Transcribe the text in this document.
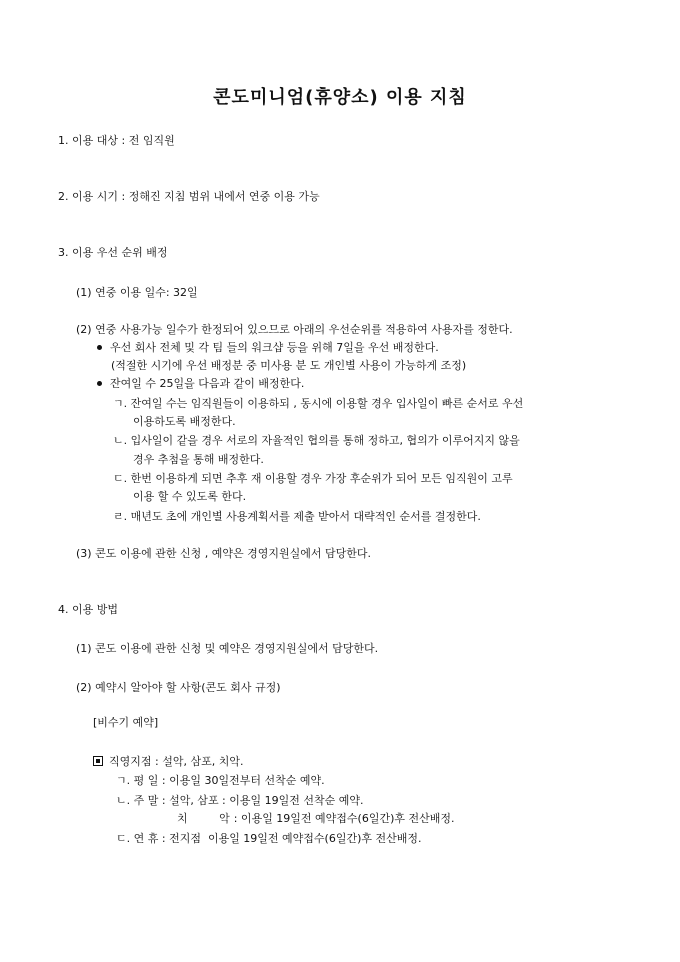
콘도미니엄(휴양소) 이용 지침
1. 이용 대상 : 전 임직원
2. 이용 시기 : 정해진 지침 범위 내에서 연중 이용 가능
3. 이용 우선 순위 배정
(1) 연중 이용 일수: 32일
(2) 연중 사용가능 일수가 한정되어 있으므로 아래의 우선순위를 적용하여 사용자를 정한다.
우선 회사 전체 및 각 팀 들의 워크샵 등을 위해 7일을 우선 배정한다.
(적절한 시기에 우선 배정분 중 미사용 분 도 개인별 사용이 가능하게 조정)
잔여일 수 25일을 다음과 같이 배정한다.
ㄱ. 잔여일 수는 임직원들이 이용하되 , 동시에 이용할 경우 입사일이 빠른 순서로 우선
이용하도록 배정한다.
ㄴ. 입사일이 같을 경우 서로의 자율적인 협의를 통해 정하고, 협의가 이루어지지 않을
경우 추첨을 통해 배정한다.
ㄷ. 한번 이용하게 되면 추후 재 이용할 경우 가장 후순위가 되어 모든 임직원이 고루
이용 할 수 있도록 한다.
ㄹ. 매년도 초에 개인별 사용계획서를 제출 받아서 대략적인 순서를 결정한다.
(3) 콘도 이용에 관한 신청 , 예약은 경영지원실에서 담당한다.
4. 이용 방법
(1) 콘도 이용에 관한 신청 및 예약은 경영지원실에서 담당한다.
(2) 예약시 알아야 할 사항(콘도 회사 규정)
[비수기 예약]
직영지점 : 설악, 삼포, 치악.
ㄱ. 평 일 : 이용일 30일전부터 선착순 예약.
ㄴ. 주 말 : 설악, 삼포 : 이용일 19일전 선착순 예약.
치         악 : 이용일 19일전 예약접수(6일간)후 전산배정.
ㄷ. 연 휴 : 전지점  이용일 19일전 예약접수(6일간)후 전산배정.
